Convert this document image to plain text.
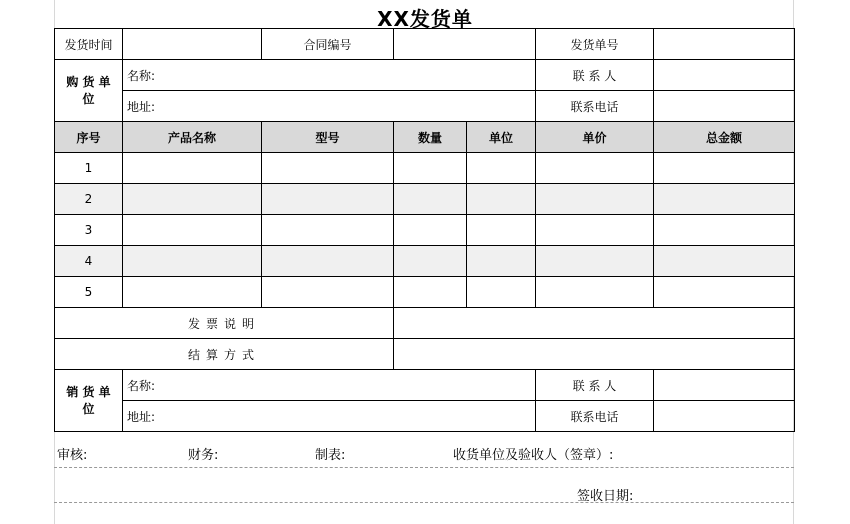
XX发货单
发货时间		合同编号			发货单号	

购 货 单
位	名称:				联 系 人	
	地址:				联系电话	
序号	产品名称	型号	数量	单位	单价	总金额
1						
2						
3						
4						
5						
发票说明						
结算方式						

销 货 单
位	名称:				联 系 人	
	地址:				联系电话	
审核:	财务:	制表:	收货单位及验收人（签章）:
签收日期:
